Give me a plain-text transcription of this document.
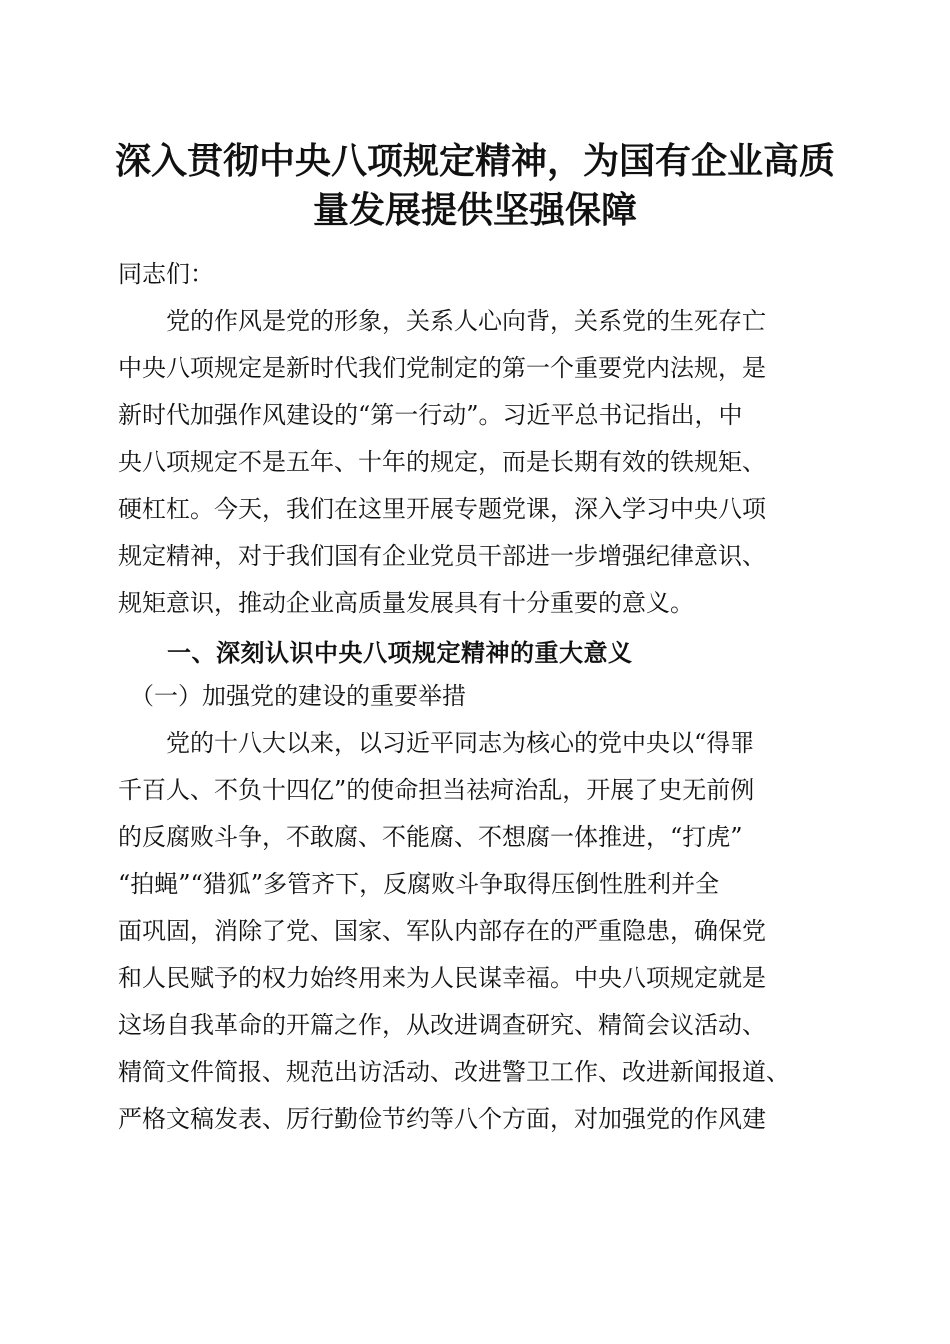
深入贯彻中央八项规定精神，为国有企业高质
量发展提供坚强保障
同志们：
　　党的作风是党的形象，关系人心向背，关系党的生死存亡
中央八项规定是新时代我们党制定的第一个重要党内法规，是
新时代加强作风建设的“第一行动”。习近平总书记指出，中
央八项规定不是五年、十年的规定，而是长期有效的铁规矩、
硬杠杠。今天，我们在这里开展专题党课，深入学习中央八项
规定精神，对于我们国有企业党员干部进一步增强纪律意识、
规矩意识，推动企业高质量发展具有十分重要的意义。
　　一、深刻认识中央八项规定精神的重大意义
　（一）加强党的建设的重要举措
　　党的十八大以来，以习近平同志为核心的党中央以“得罪
千百人、不负十四亿”的使命担当祛疴治乱，开展了史无前例
的反腐败斗争，不敢腐、不能腐、不想腐一体推进，“打虎”
“拍蝇”“猎狐”多管齐下，反腐败斗争取得压倒性胜利并全
面巩固，消除了党、国家、军队内部存在的严重隐患，确保党
和人民赋予的权力始终用来为人民谋幸福。中央八项规定就是
这场自我革命的开篇之作，从改进调查研究、精简会议活动、
精简文件简报、规范出访活动、改进警卫工作、改进新闻报道、
严格文稿发表、厉行勤俭节约等八个方面，对加强党的作风建
